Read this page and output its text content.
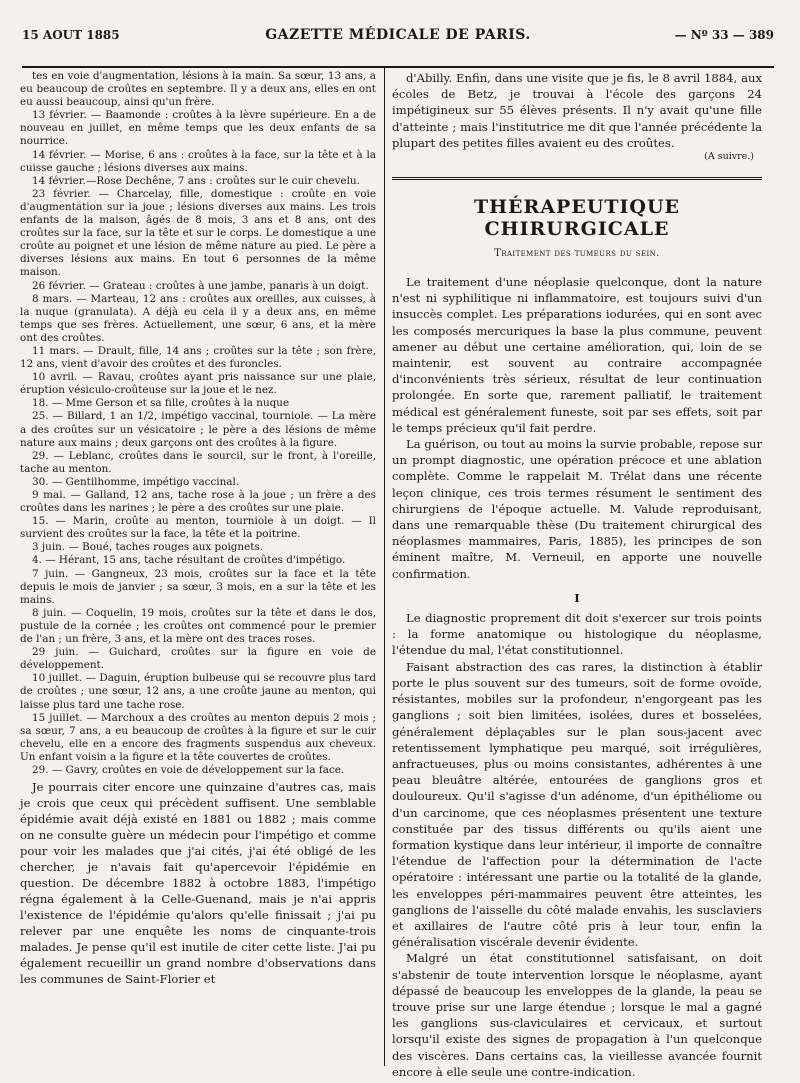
15 AOUT 1885	GAZETTE MÉDICALE DE PARIS.	— Nº 33 — 389

tes en voie d'augmentation, lésions à la main. Sa sœur, 13 ans, a eu beaucoup de croûtes en septembre. Il y a deux ans, elles en ont eu aussi beaucoup, ainsi qu'un frère.

13 février. — Baamonde : croûtes à la lèvre supérieure. En a de nouveau en juillet, en même temps que les deux enfants de sa nourrice.

14 février. — Morise, 6 ans : croûtes à la face, sur la tête et à la cuisse gauche ; lésions diverses aux mains.

14 février.—Rose Dechêne, 7 ans : croûtes sur le cuir chevelu.

23 février. — Charcelay, fille, domestique : croûte en voie d'augmentation sur la joue ; lésions diverses aux mains. Les trois enfants de la maison, âgés de 8 mois, 3 ans et 8 ans, ont des croûtes sur la face, sur la tête et sur le corps. Le domestique a une croûte au poignet et une lésion de même nature au pied. Le père a diverses lésions aux mains. En tout 6 personnes de la même maison.

26 février. — Grateau : croûtes à une jambe, panaris à un doigt.

8 mars. — Marteau, 12 ans : croûtes aux oreilles, aux cuisses, à la nuque (granulata). A déjà eu cela il y a deux ans, en même temps que ses frères. Actuellement, une sœur, 6 ans, et la mère ont des croûtes.

11 mars. — Drault, fille, 14 ans ; croûtes sur la tête ; son frère, 12 ans, vient d'avoir des croûtes et des furoncles.

10 avril. — Ravau, croûtes ayant pris naissance sur une plaie, éruption vésiculo-croûteuse sur la joue et le nez.

18. — Mme Gerson et sa fille, croûtes à la nuque

25. — Billard, 1 an 1/2, impétigo vaccinal, tourniole. — La mère a des croûtes sur un vésicatoire ; le père a des lésions de même nature aux mains ; deux garçons ont des croûtes à la figure.

29. — Leblanc, croûtes dans le sourcil, sur le front, à l'oreille, tache au menton.

30. — Gentilhomme, impétigo vaccinal.

9 mai. — Galland, 12 ans, tache rose à la joue ; un frère a des croûtes dans les narines ; le père a des croûtes sur une plaie.

15. — Marin, croûte au menton, tourniole à un doigt. — Il survient des croûtes sur la face, la tête et la poitrine.

3 juin. — Boué, taches rouges aux poignets.

4. — Hérant, 15 ans, tache résultant de croûtes d'impétigo.

7 juin. — Gangneux, 23 mois, croûtes sur la face et la tête depuis le mois de janvier ; sa sœur, 3 mois, en a sur la tête et les mains.

8 juin. — Coquelin, 19 mois, croûtes sur la tête et dans le dos, pustule de la cornée ; les croûtes ont commencé pour le premier de l'an ; un frère, 3 ans, et la mère ont des traces roses.

29 juin. — Guichard, croûtes sur la figure en voie de développement.

10 juillet. — Daguin, éruption bulbeuse qui se recouvre plus tard de croûtes ; une sœur, 12 ans, a une croûte jaune au menton, qui laisse plus tard une tache rose.

15 juillet. — Marchoux a des croûtes au menton depuis 2 mois ; sa sœur, 7 ans, a eu beaucoup de croûtes à la figure et sur le cuir chevelu, elle en a encore des fragments suspendus aux cheveux. Un enfant voisin a la figure et la tête couvertes de croûtes.

29. — Gavry, croûtes en voie de développement sur la face.

Je pourrais citer encore une quinzaine d'autres cas, mais je crois que ceux qui précèdent suffisent. Une semblable épidémie avait déjà existé en 1881 ou 1882 ; mais comme on ne consulte guère un médecin pour l'impétigo et comme pour voir les malades que j'ai cités, j'ai été obligé de les chercher, je n'avais fait qu'apercevoir l'épidémie en question. De décembre 1882 à octobre 1883, l'impétigo régna également à la Celle-Guenand, mais je n'ai appris l'existence de l'épidémie qu'alors qu'elle finissait ; j'ai pu relever par une enquête les noms de cinquante-trois malades. Je pense qu'il est inutile de citer cette liste. J'ai pu également recueillir un grand nombre d'observations dans les communes de Saint-Florier et

d'Abilly. Enfin, dans une visite que je fis, le 8 avril 1884, aux écoles de Betz, je trouvai à l'école des garçons 24 impétigineux sur 55 élèves présents. Il n'y avait qu'une fille d'atteinte ; mais l'institutrice me dit que l'année précédente la plupart des petites filles avaient eu des croûtes.

(A suivre.)

THÉRAPEUTIQUE CHIRURGICALE
Traitement des tumeurs du sein.

Le traitement d'une néoplasie quelconque, dont la nature n'est ni syphilitique ni inflammatoire, est toujours suivi d'un insuccès complet. Les préparations iodurées, qui en sont avec les composés mercuriques la base la plus commune, peuvent amener au début une certaine amélioration, qui, loin de se maintenir, est souvent au contraire accompagnée d'inconvénients très sérieux, résultat de leur continuation prolongée. En sorte que, rarement palliatif, le traitement médical est généralement funeste, soit par ses effets, soit par le temps précieux qu'il fait perdre.

La guérison, ou tout au moins la survie probable, repose sur un prompt diagnostic, une opération précoce et une ablation complète. Comme le rappelait M. Trélat dans une récente leçon clinique, ces trois termes résument le sentiment des chirurgiens de l'époque actuelle. M. Valude reproduisant, dans une remarquable thèse (Du traitement chirurgical des néoplasmes mammaires, Paris, 1885), les principes de son éminent maître, M. Verneuil, en apporte une nouvelle confirmation.

I

Le diagnostic proprement dit doit s'exercer sur trois points : la forme anatomique ou histologique du néoplasme, l'étendue du mal, l'état constitutionnel.

Faisant abstraction des cas rares, la distinction à établir porte le plus souvent sur des tumeurs, soit de forme ovoïde, résistantes, mobiles sur la profondeur, n'engorgeant pas les ganglions ; soit bien limitées, isolées, dures et bosselées, généralement déplaçables sur le plan sous-jacent avec retentissement lymphatique peu marqué, soit irrégulières, anfractueuses, plus ou moins consistantes, adhérentes à une peau bleuâtre altérée, entourées de ganglions gros et douloureux. Qu'il s'agisse d'un adénome, d'un épithéliome ou d'un carcinome, que ces néoplasmes présentent une texture constituée par des tissus différents ou qu'ils aient une formation kystique dans leur intérieur, il importe de connaître l'étendue de l'affection pour la détermination de l'acte opératoire : intéressant une partie ou la totalité de la glande, les enveloppes péri-mammaires peuvent être atteintes, les ganglions de l'aisselle du côté malade envahis, les susclaviers et axillaires de l'autre côté pris à leur tour, enfin la généralisation viscérale devenir évidente.

Malgré un état constitutionnel satisfaisant, on doit s'abstenir de toute intervention lorsque le néoplasme, ayant dépassé de beaucoup les enveloppes de la glande, la peau se trouve prise sur une large étendue ; lorsque le mal a gagné les ganglions sus-claviculaires et cervicaux, et surtout lorsqu'il existe des signes de propagation à l'un quelconque des viscères. Dans certains cas, la vieillesse avancée fournit encore à elle seule une contre-indication.
